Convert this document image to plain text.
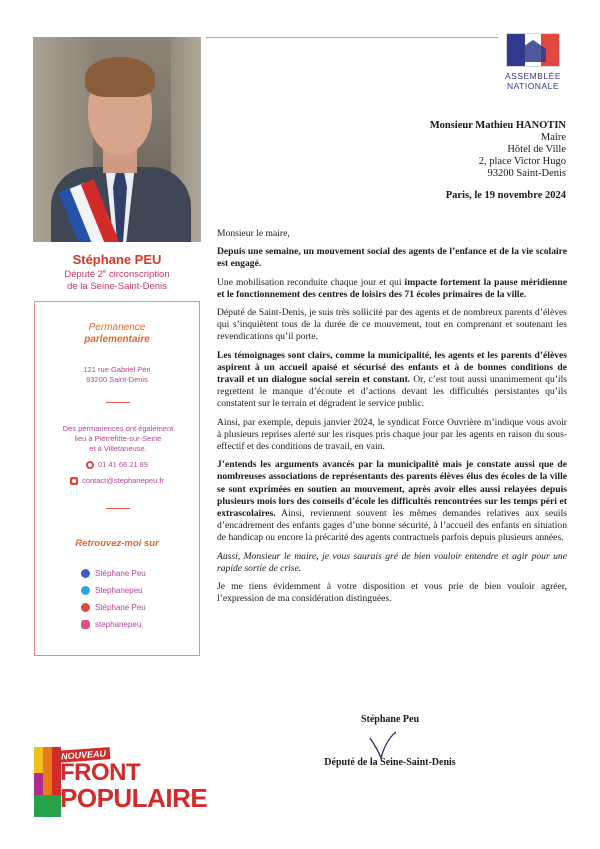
Stéphane PEU
Député 2e circonscription
de la Seine-Saint-Denis
Permanence
parlementaire
121 rue Gabriel Péri
93200 Saint-Denis
Des permanences ont également
lieu à Pierrefitte-sur-Seine
et à Villetaneuse.
01 41 66 21 89
contact@stephanepeu.fr
Retrouvez-moi sur
Stéphane Peu
Stephanepeu
Stéphane Peu
stephanepeu
NOUVEAU
FRONT
POPULAIRE
ASSEMBLÉE
NATIONALE
Monsieur Mathieu HANOTIN
Maire
Hôtel de Ville
2, place Victor Hugo
93200 Saint-Denis
Paris, le 19 novembre 2024

Monsieur le maire,

Depuis une semaine, un mouvement social des agents de l’enfance et de la vie scolaire est engagé.

Une mobilisation reconduite chaque jour et qui impacte fortement la pause méridienne et le fonctionnement des centres de loisirs des 71 écoles primaires de la ville.

Député de Saint-Denis, je suis très sollicité par des agents et de nombreux parents d’élèves qui s’inquiètent tous de la durée de ce mouvement, tout en comprenant et soutenant les revendications qu’il porte.

Les témoignages sont clairs, comme la municipalité, les agents et les parents d’élèves aspirent à un accueil apaisé et sécurisé des enfants et à de bonnes conditions de travail et un dialogue social serein et constant. Or, c’est tout aussi unanimement qu’ils regrettent le manque d’écoute et d’actions devant les difficultés persistantes qu’ils constatent sur le terrain et dégradent le service public.

Ainsi, par exemple, depuis janvier 2024, le syndicat Force Ouvrière m’indique vous avoir à plusieurs reprises alerté sur les risques pris chaque jour par les agents en raison du sous-effectif et des conditions de travail, en vain.

J’entends les arguments avancés par la municipalité mais je constate aussi que de nombreuses associations de représentants des parents élèves élus des écoles de la ville se sont exprimées en soutien au mouvement, après avoir elles aussi relayées depuis plusieurs mois lors des conseils d’école les difficultés rencontrées sur les temps péri et extrascolaires. Ainsi, reviennent souvent les mêmes demandes relatives aux seuils d’encadrement des enfants gages d’une bonne sécurité, à l’accueil des enfants en situation de handicap ou encore la précarité des agents contractuels parfois depuis plusieurs années.

Aussi, Monsieur le maire, je vous saurais gré de bien vouloir entendre et agir pour une rapide sortie de crise.

Je me tiens évidemment à votre disposition et vous prie de bien vouloir agréer, l’expression de ma considération distinguées.

Stéphane Peu
Député de la Seine-Saint-Denis
